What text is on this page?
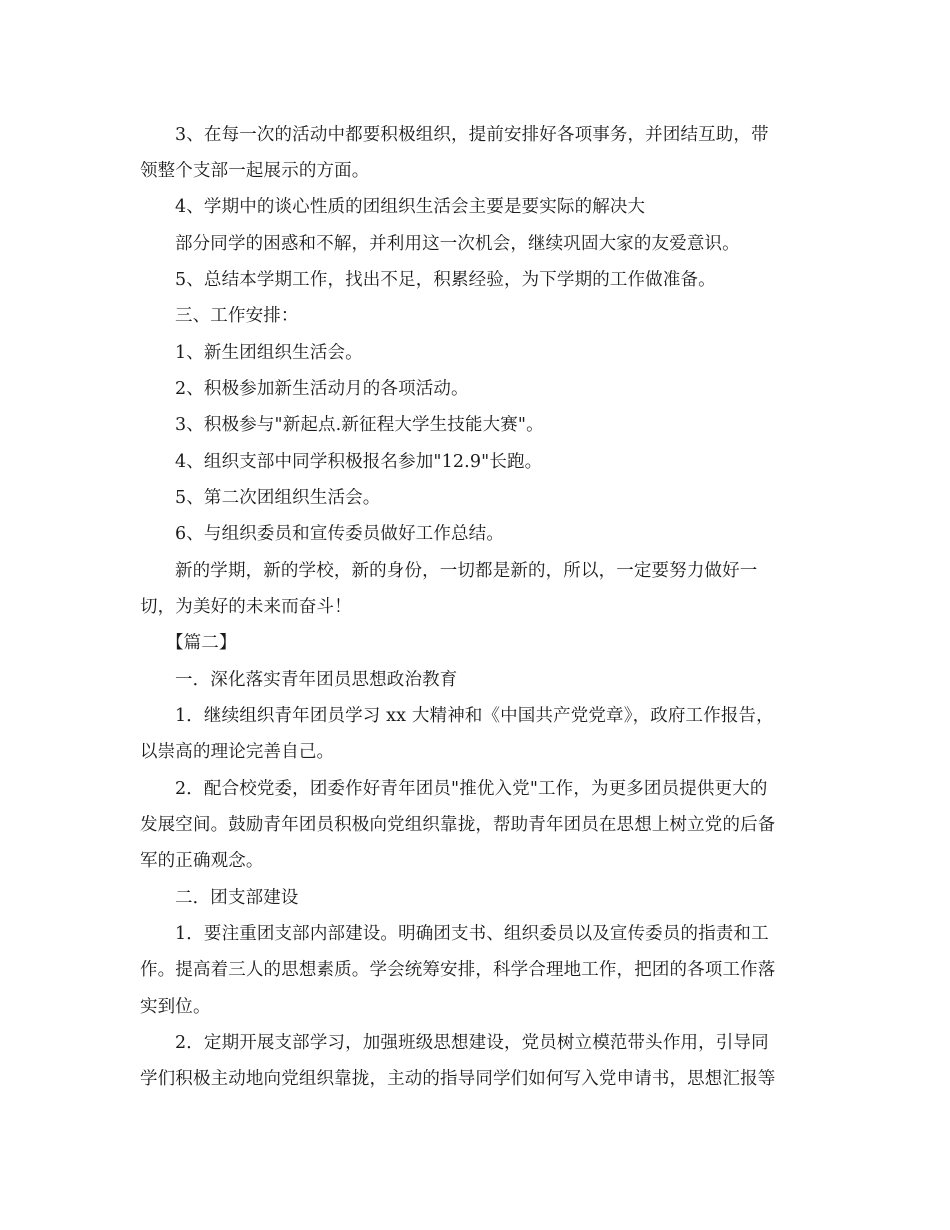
3、在每一次的活动中都要积极组织，提前安排好各项事务，并团结互助，带
领整个支部一起展示的方面。
4、学期中的谈心性质的团组织生活会主要是要实际的解决大
部分同学的困惑和不解，并利用这一次机会，继续巩固大家的友爱意识。
5、总结本学期工作，找出不足，积累经验，为下学期的工作做准备。
三、工作安排：
1、新生团组织生活会。
2、积极参加新生活动月的各项活动。
3、积极参与"新起点.新征程大学生技能大赛"。
4、组织支部中同学积极报名参加"12.9"长跑。
5、第二次团组织生活会。
6、与组织委员和宣传委员做好工作总结。
新的学期，新的学校，新的身份，一切都是新的，所以，一定要努力做好一
切，为美好的未来而奋斗！
【篇二】
一．深化落实青年团员思想政治教育
1．继续组织青年团员学习 xx 大精神和《中国共产党党章》，政府工作报告，
以崇高的理论完善自己。
2．配合校党委，团委作好青年团员"推优入党"工作，为更多团员提供更大的
发展空间。鼓励青年团员积极向党组织靠拢，帮助青年团员在思想上树立党的后备
军的正确观念。
二．团支部建设
1．要注重团支部内部建设。明确团支书、组织委员以及宣传委员的指责和工
作。提高着三人的思想素质。学会统筹安排，科学合理地工作，把团的各项工作落
实到位。
2．定期开展支部学习，加强班级思想建设，党员树立模范带头作用，引导同
学们积极主动地向党组织靠拢，主动的指导同学们如何写入党申请书，思想汇报等
